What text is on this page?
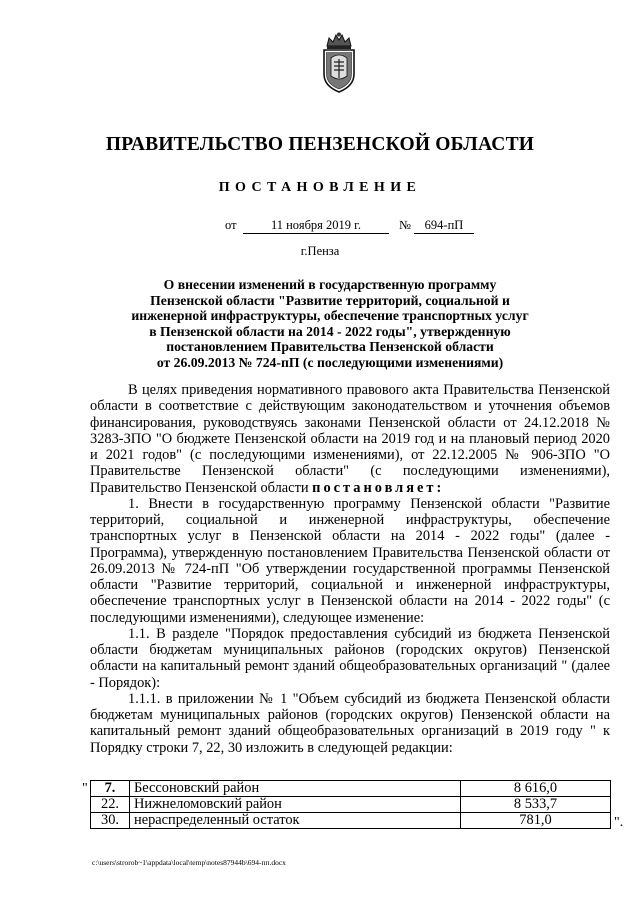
ПРАВИТЕЛЬСТВО ПЕНЗЕНСКОЙ ОБЛАСТИ
ПОСТАНОВЛЕНИЕ
от	11 ноября 2019 г.	№	694-пП
г.Пенза
О внесении изменений в государственную программу
Пензенской области "Развитие территорий, социальной и
инженерной инфраструктуры, обеспечение транспортных услуг
в Пензенской области на 2014 - 2022 годы", утвержденную
постановлением Правительства Пензенской области
от 26.09.2013 № 724-пП (с последующими изменениями)

В целях приведения нормативного правового акта Правительства Пензенской области в соответствие с действующим законодательством и уточнения объемов финансирования, руководствуясь законами Пензенской области от 24.12.2018 № 3283-ЗПО "О бюджете Пензенской области на 2019 год и на плановый период 2020 и 2021 годов" (с последующими изменениями), от 22.12.2005 № 906-ЗПО "О Правительстве Пензенской области" (с последующими изменениями), Правительство Пензенской области постановляет:

1. Внести в государственную программу Пензенской области "Развитие территорий, социальной и инженерной инфраструктуры, обеспечение транспортных услуг в Пензенской области на 2014 - 2022 годы" (далее - Программа), утвержденную постановлением Правительства Пензенской области от 26.09.2013 № 724-пП "Об утверждении государственной программы Пензенской области "Развитие территорий, социальной и инженерной инфраструктуры, обеспечение транспортных услуг в Пензенской области на 2014 - 2022 годы" (с последующими изменениями), следующее изменение:

1.1. В разделе "Порядок предоставления субсидий из бюджета Пензенской области бюджетам муниципальных районов (городских округов) Пензенской области на капитальный ремонт зданий общеобразовательных организаций " (далее - Порядок):

1.1.1. в приложении № 1 "Объем субсидий из бюджета Пензенской области бюджетам муниципальных районов (городских округов) Пензенской области на капитальный ремонт зданий общеобразовательных организаций в 2019 году " к Порядку строки 7, 22, 30 изложить в следующей редакции:

" 7.	Бессоновский район	8 616,0
22.	Нижнеломовский район	8 533,7
30.	нераспределенный остаток	781,0	".
c:\users\strorob~1\appdata\local\temp\notes87944b\694-пп.docx
